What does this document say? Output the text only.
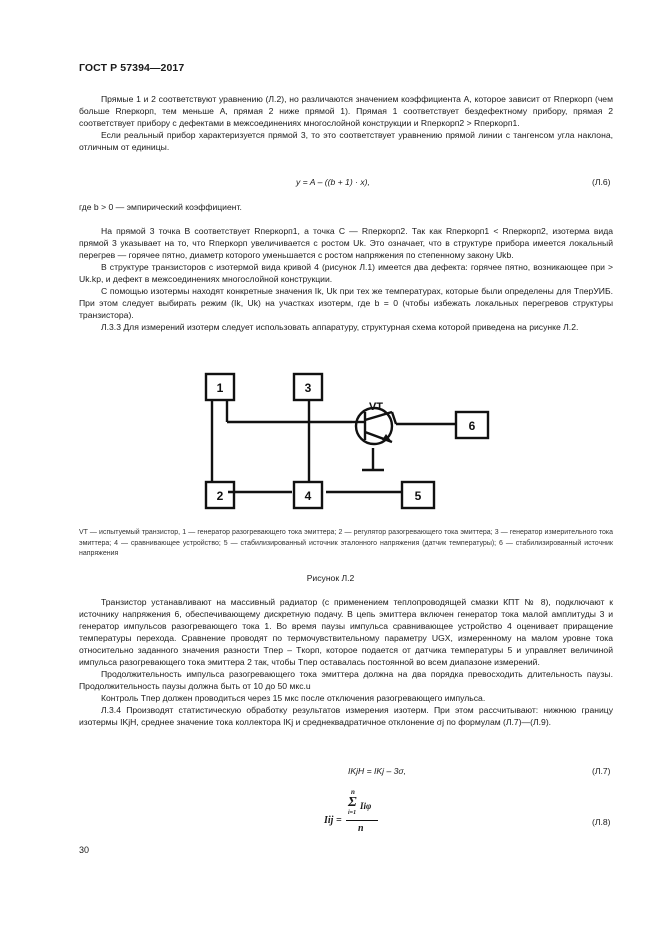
ГОСТ Р 57394—2017

Прямые 1 и 2 соответствуют уравнению (Л.2), но различаются значением коэффициента А, которое зависит от Rперкорп (чем больше Rперкорп, тем меньше A, прямая 2 ниже прямой 1). Прямая 1 соответствует бездефектному прибору, прямая 2 соответствует прибору с дефектами в межсоединениях многослойной конструкции и Rперкорп2 > Rперкорп1.

Если реальный прибор характеризуется прямой 3, то это соответствует уравнению прямой линии с тангенсом угла наклона, отличным от единицы.

y = A – ((b + 1) · x),	(Л.6)

где b > 0 — эмпирический коэффициент.

На прямой 3 точка В соответствует Rперкорп1, а точка С — Rперкорп2. Так как Rперкорп1 < Rперкорп2, изотерма вида прямой 3 указывает на то, что Rперкорп увеличивается с ростом Uk. Это означает, что в структуре прибора имеется локальный перегрев — горячее пятно, диаметр которого уменьшается с ростом напряжения по степенному закону Ukb.

В структуре транзисторов с изотермой вида кривой 4 (рисунок Л.1) имеется два дефекта: горячее пятно, возникающее при > Uk.kp, и дефект в межсоединениях многослойной конструкции.

С помощью изотермы находят конкретные значения Ik, Uk при тех же температурах, которые были определены для TперУИБ. При этом следует выбирать режим (Ik, Uk) на участках изотерм, где b = 0 (чтобы избежать локальных перегревов структуры транзистора).

Л.3.3 Для измерений изотерм следует использовать аппаратуру, структурная схема которой приведена на рисунке Л.2.

1	3
6
2	4	5
VT
VT — испытуемый транзистор, 1 — генератор разогревающего тока эмиттера; 2 — регулятор разогревающего тока эмиттера; 3 — генератор измерительного тока эмиттера; 4 — сравнивающее устройство; 5 — стабилизированный источник эталонного напряжения (датчик температуры); 6 — стабилизированный источник напряжения
Рисунок Л.2

Транзистор устанавливают на массивный радиатор (с применением теплопроводящей смазки КПТ № 8), подключают к источнику напряжения 6, обеспечивающему дискретную подачу. В цепь эмиттера включен генератор тока малой амплитуды 3 и генератор импульсов разогревающего тока 1. Во время паузы импульса сравнивающее устройство 4 оценивает приращение температуры перехода. Сравнение проводят по термочувствительному параметру UGX, измеренному на малом уровне тока относительно заданного значения разности Tпер – Tкорп, которое подается от датчика температуры 5 и управляет величиной импульса разогревающего тока эмиттера 2 так, чтобы Tпер оставалась постоянной во всем диапазоне измерений.

Продолжительность импульса разогревающего тока эмиттера должна на два порядка превосходить длительность паузы. Продолжительность паузы должна быть от 10 до 50 мкс.u

Контроль Tпер должен проводиться через 15 мкс после отключения разогревающего импульса.

Л.3.4 Производят статистическую обработку результатов измерения изотерм. При этом рассчитывают: нижнюю границу изотермы IKjH, среднее значение тока коллектора IKj и среднеквадратичное отклонение σj по формулам (Л.7)—(Л.9).

IKjH = IKj – 3σ,	(Л.7)
Iij =
n
Σ
i=1
Iiφ
n
(Л.8)
30
